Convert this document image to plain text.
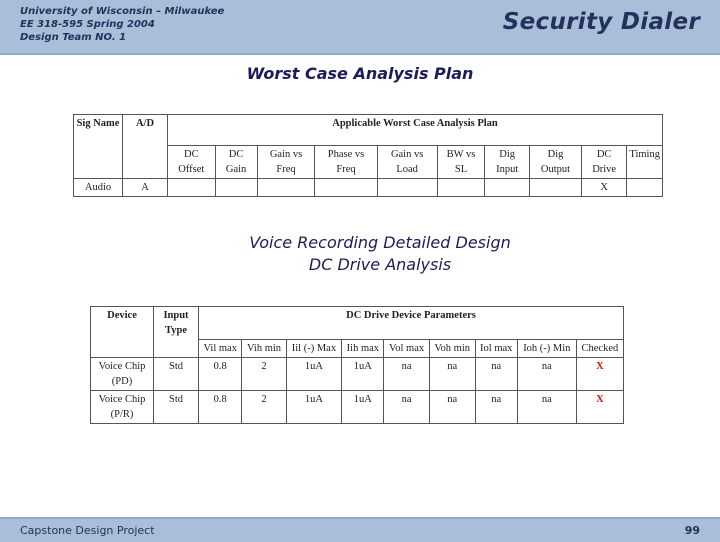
University of Wisconsin – Milwaukee
EE 318-595 Spring 2004
Design Team NO. 1
Security Dialer
Worst Case Analysis Plan
Sig Name	A/D	Applicable Worst Case Analysis Plan									
		DC Offset	DC Gain	Gain vs Freq	Phase vs Freq	Gain vs Load	BW vs SL	Dig Input	Dig Output	DC Drive	Timing
Audio	A									X	
Voice Recording Detailed Design
DC Drive Analysis
Device	Input Type	DC Drive Device Parameters								
		Vil max	Vih min	Iil (-) Max	Iih max	Vol max	Voh min	Iol max	Ioh (-) Min	Checked
Voice Chip (PD)	Std	0.8	2	1uA	1uA	na	na	na	na	X
Voice Chip (P/R)	Std	0.8	2	1uA	1uA	na	na	na	na	X
Capstone Design Project	99
